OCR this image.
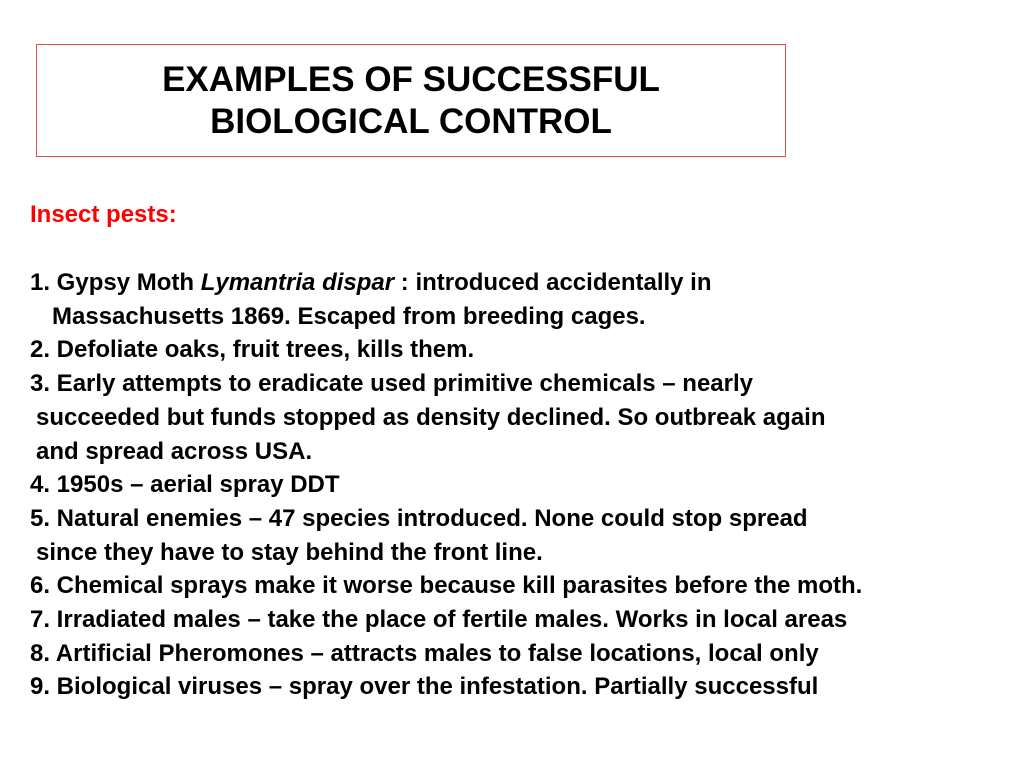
EXAMPLES OF SUCCESSFUL
BIOLOGICAL CONTROL
Insect pests:
1. Gypsy Moth Lymantria dispar : introduced accidentally in
Massachusetts 1869. Escaped from breeding cages.
2. Defoliate oaks, fruit trees, kills them.
3. Early attempts to eradicate used primitive chemicals – nearly
succeeded but funds stopped as density declined. So outbreak again
and spread across USA.
4. 1950s – aerial spray DDT
5. Natural enemies – 47 species introduced. None could stop spread
since they have to stay behind the front line.
6. Chemical sprays make it worse because kill parasites before the moth.
7. Irradiated males – take the place of fertile males. Works in local areas
8. Artificial Pheromones – attracts males to false locations, local only
9. Biological viruses – spray over the infestation. Partially successful
